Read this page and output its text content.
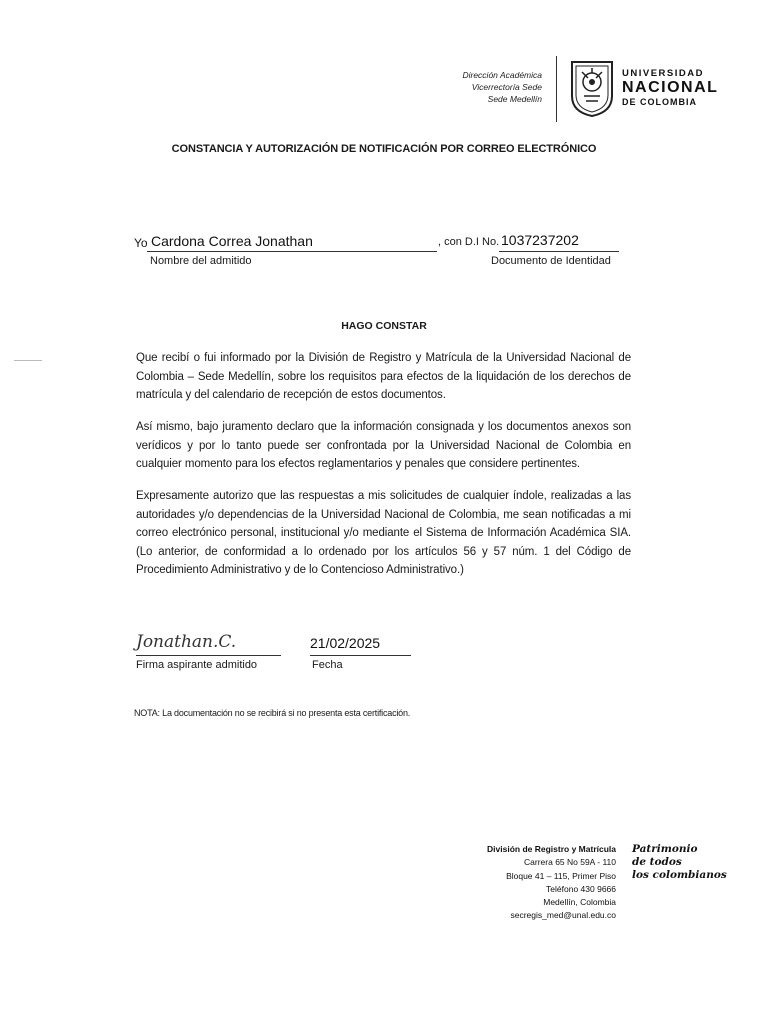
Dirección Académica
Vicerrectoría Sede
Sede Medellín
UNIVERSIDAD
NACIONAL
DE COLOMBIA
CONSTANCIA Y AUTORIZACIÓN DE NOTIFICACIÓN POR CORREO ELECTRÓNICO
Yo Cardona Correa Jonathan	, con D.I No. 1037237202
Nombre del admitido	Documento de Identidad
HAGO CONSTAR
Que recibí o fui informado por la División de Registro y Matrícula de la Universidad Nacional de Colombia – Sede Medellín, sobre los requisitos para efectos de la liquidación de los derechos de matrícula y del calendario de recepción de estos documentos.
Así mismo, bajo juramento declaro que la información consignada y los documentos anexos son verídicos y por lo tanto puede ser confrontada por la Universidad Nacional de Colombia en cualquier momento para los efectos reglamentarios y penales que considere pertinentes.
Expresamente autorizo que las respuestas a mis solicitudes de cualquier índole, realizadas a las autoridades y/o dependencias de la Universidad Nacional de Colombia, me sean notificadas a mi correo electrónico personal, institucional y/o mediante el Sistema de Información Académica SIA. (Lo anterior, de conformidad a lo ordenado por los artículos 56 y 57 núm. 1 del Código de Procedimiento Administrativo y de lo Contencioso Administrativo.)
Jonathan.C.
Firma aspirante admitido
21/02/2025
Fecha
NOTA: La documentación no se recibirá si no presenta esta certificación.
División de Registro y Matrícula
Carrera 65 No 59A - 110
Bloque 41 – 115, Primer Piso
Teléfono 430 9666
Medellín, Colombia
secregis_med@unal.edu.co
Patrimonio
de todos
los colombianos
